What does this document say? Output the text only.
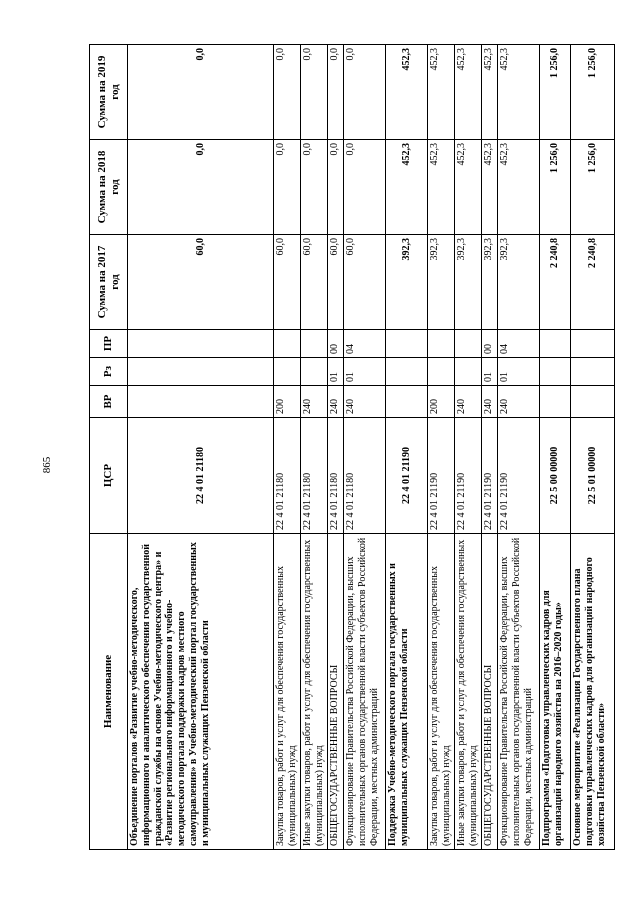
865
Наименование	ЦСР	ВР	Рз	ПР	Сумма на 2017 год	Сумма на 2018 год	Сумма на 2019 год
Объединение порталов «Развитие учебно-методического, информационного и аналитического обеспечения государственной гражданской службы на основе Учебно-методического центра» и «Развитие регионального информационного и учебно-методического портала поддержки кадров местного самоуправления» в Учебно-методический портал государственных и муниципальных служащих Пензенской области	22 4 01 21180				60,0	0,0	0,0
Закупка товаров, работ и услуг для обеспечения государственных (муниципальных) нужд	22 4 01 21180	200			60,0	0,0	0,0
Иные закупки товаров, работ и услуг для обеспечения государственных (муниципальных) нужд	22 4 01 21180	240			60,0	0,0	0,0
ОБЩЕГОСУДАРСТВЕННЫЕ ВОПРОСЫ	22 4 01 21180	240	01	00	60,0	0,0	0,0
Функционирование Правительства Российской Федерации, высших исполнительных органов государственной власти субъектов Российской Федерации, местных администраций	22 4 01 21180	240	01	04	60,0	0,0	0,0
Поддержка Учебно-методического портала государственных и муниципальных служащих Пензенской области	22 4 01 21190				392,3	452,3	452,3
Закупка товаров, работ и услуг для обеспечения государственных (муниципальных) нужд	22 4 01 21190	200			392,3	452,3	452,3
Иные закупки товаров, работ и услуг для обеспечения государственных (муниципальных) нужд	22 4 01 21190	240			392,3	452,3	452,3
ОБЩЕГОСУДАРСТВЕННЫЕ ВОПРОСЫ	22 4 01 21190	240	01	00	392,3	452,3	452,3
Функционирование Правительства Российской Федерации, высших исполнительных органов государственной власти субъектов Российской Федерации, местных администраций	22 4 01 21190	240	01	04	392,3	452,3	452,3
Подпрограмма «Подготовка управленческих кадров для организаций народного хозяйства на 2016–2020 годы»	22 5 00 00000				2 240,8	1 256,0	1 256,0
Основное мероприятие «Реализация Государственного плана подготовки управленческих кадров для организаций народного хозяйства Пензенской области»	22 5 01 00000				2 240,8	1 256,0	1 256,0
